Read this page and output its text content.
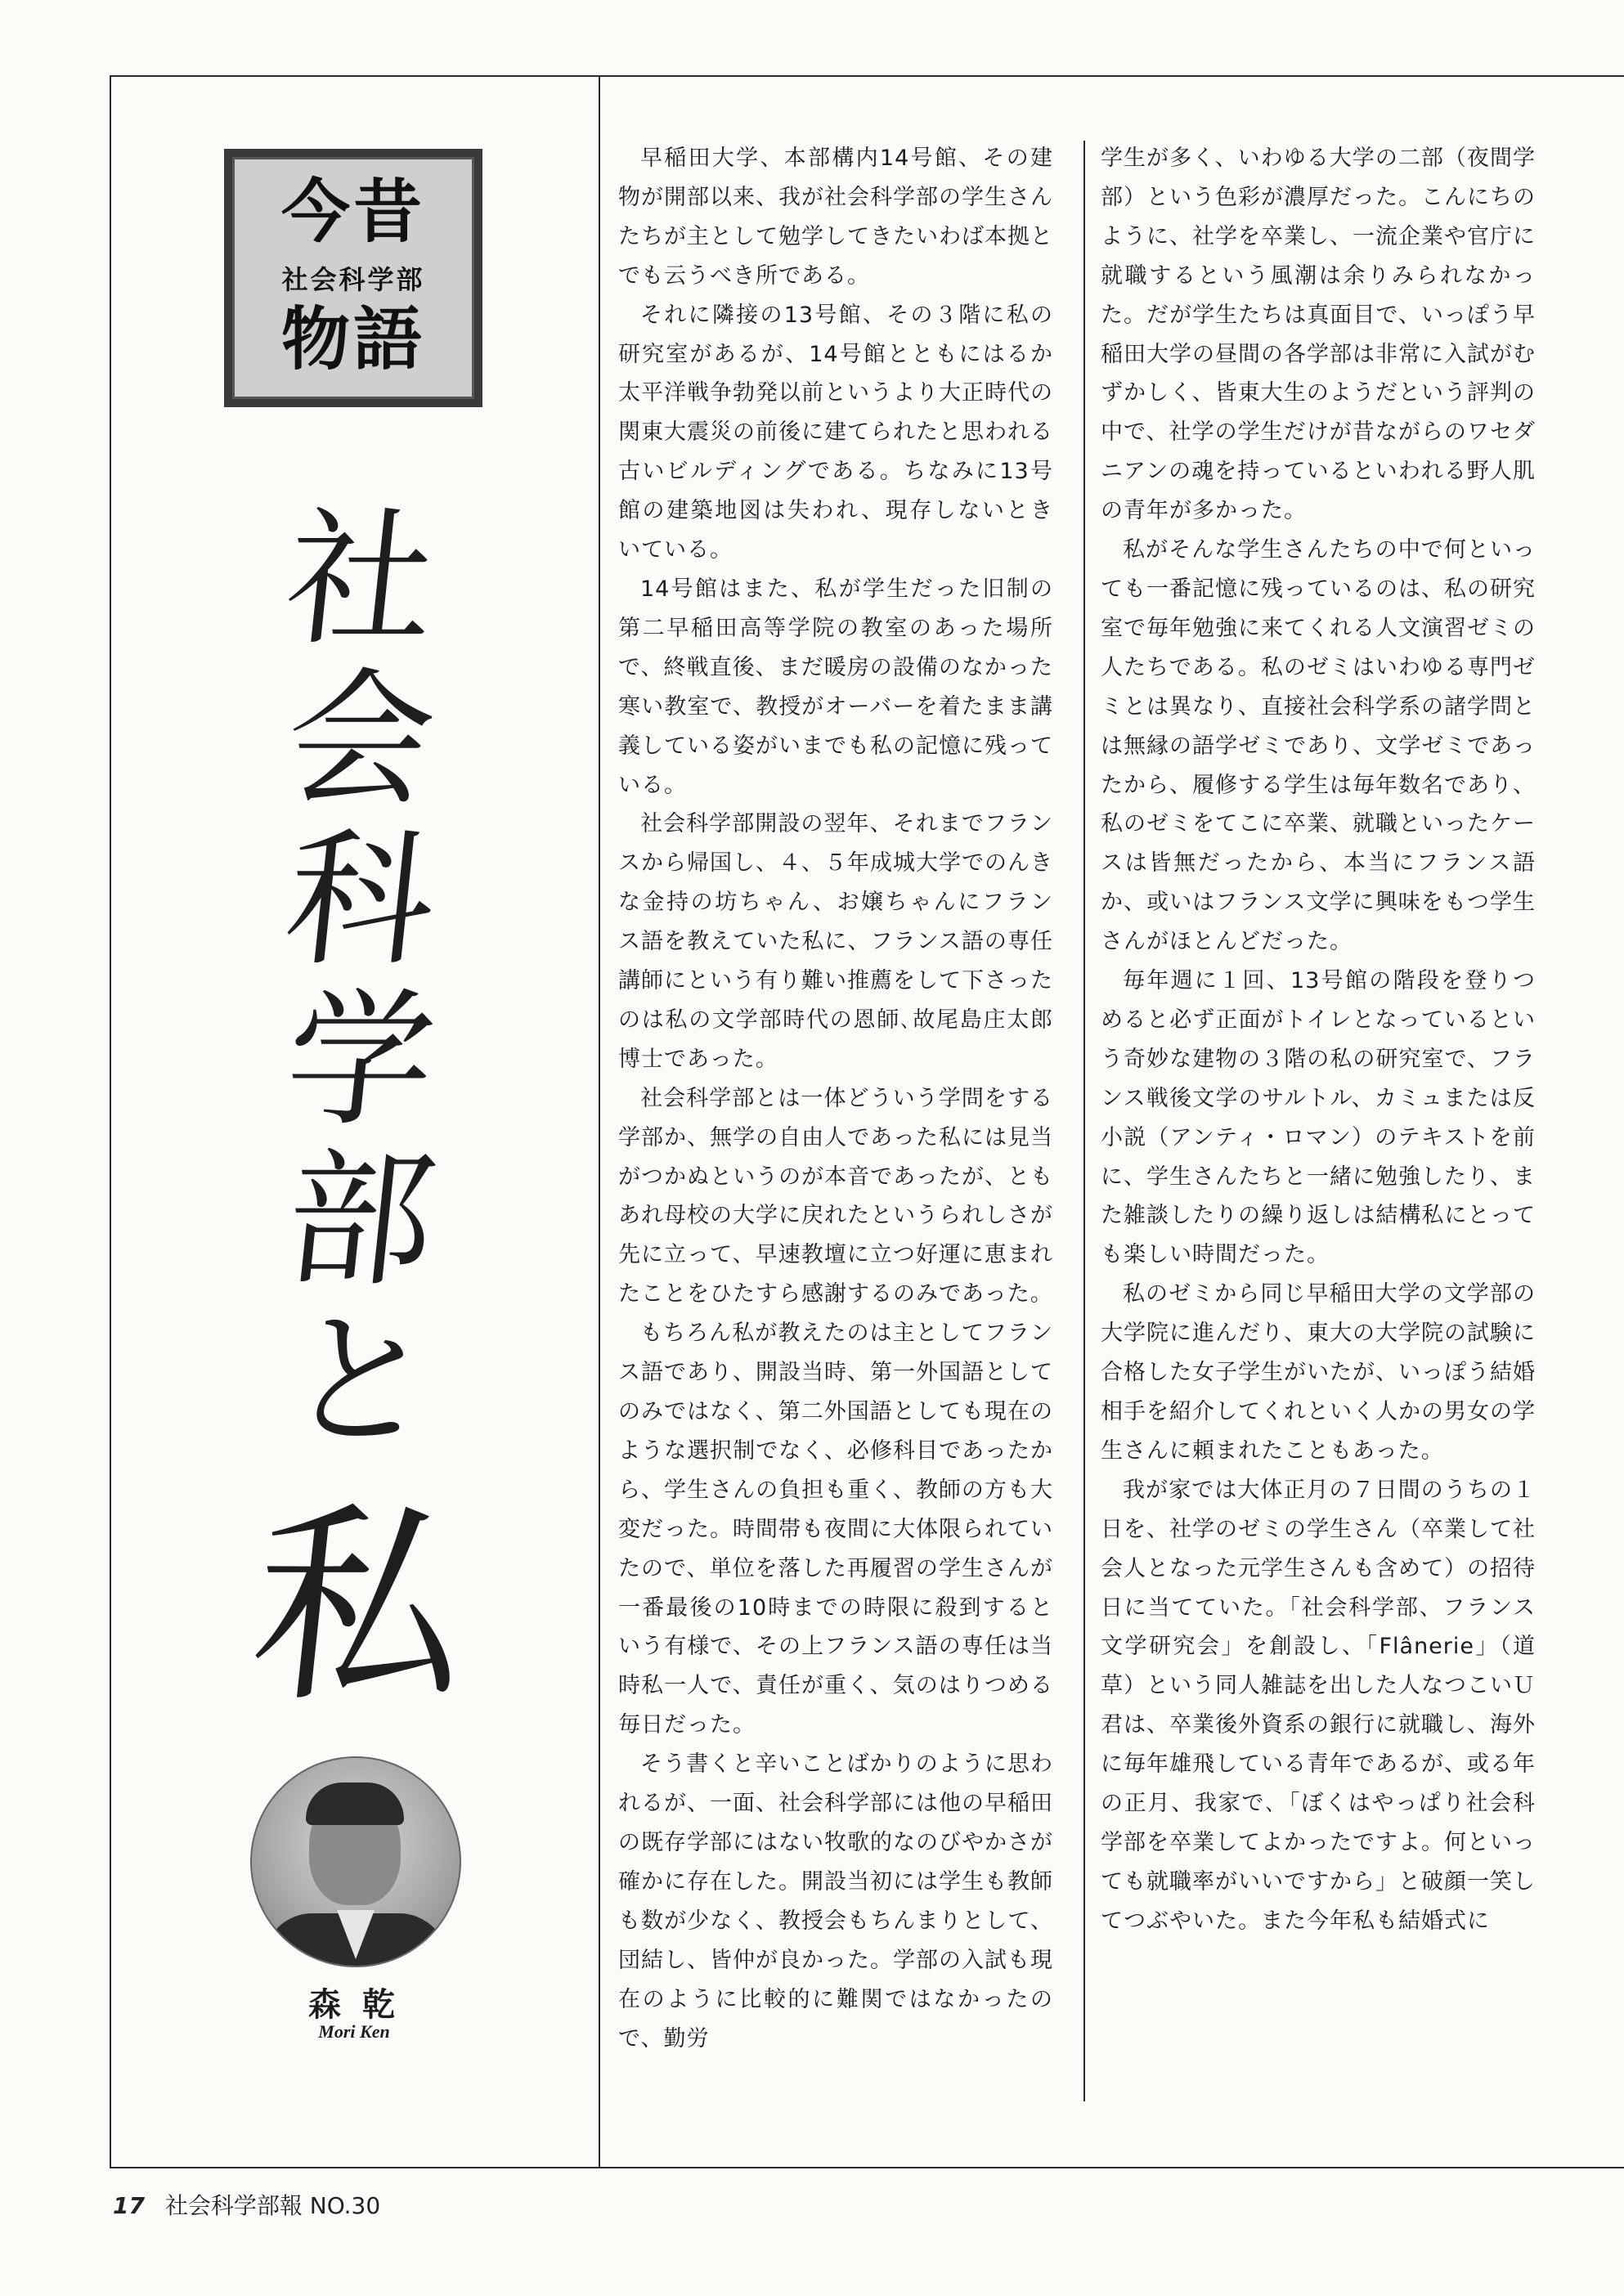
今昔
社会科学部
物語
社
会
科
学
部
と
私
森 乾
Mori Ken

早稲田大学、本部構内14号館、その建物が開部以来、我が社会科学部の学生さんたちが主として勉学してきたいわば本拠とでも云うべき所である。

それに隣接の13号館、その３階に私の研究室があるが、14号館とともにはるか太平洋戦争勃発以前というより大正時代の関東大震災の前後に建てられたと思われる古いビルディングである。ちなみに13号館の建築地図は失われ、現存しないときいている。

14号館はまた、私が学生だった旧制の第二早稲田高等学院の教室のあった場所で、終戦直後、まだ暖房の設備のなかった寒い教室で、教授がオーバーを着たまま講義している姿がいまでも私の記憶に残っている。

社会科学部開設の翌年、それまでフランスから帰国し、４、５年成城大学でのんきな金持の坊ちゃん、お嬢ちゃんにフランス語を教えていた私に、フランス語の専任講師にという有り難い推薦をして下さったのは私の文学部時代の恩師､故尾島庄太郎博士であった。

社会科学部とは一体どういう学問をする学部か、無学の自由人であった私には見当がつかぬというのが本音であったが、ともあれ母校の大学に戻れたというられしさが先に立って、早速教壇に立つ好運に恵まれたことをひたすら感謝するのみであった。

もちろん私が教えたのは主としてフランス語であり、開設当時、第一外国語としてのみではなく、第二外国語としても現在のような選択制でなく、必修科目であったから、学生さんの負担も重く、教師の方も大変だった。時間帯も夜間に大体限られていたので、単位を落した再履習の学生さんが一番最後の10時までの時限に殺到するという有様で、その上フランス語の専任は当時私一人で、責任が重く、気のはりつめる毎日だった。

そう書くと辛いことばかりのように思われるが、一面、社会科学部には他の早稲田の既存学部にはない牧歌的なのびやかさが確かに存在した。開設当初には学生も教師も数が少なく、教授会もちんまりとして、団結し、皆仲が良かった。学部の入試も現在のように比較的に難関ではなかったので、勤労

学生が多く、いわゆる大学の二部（夜間学部）という色彩が濃厚だった。こんにちのように、社学を卒業し、一流企業や官庁に就職するという風潮は余りみられなかった。だが学生たちは真面目で、いっぽう早稲田大学の昼間の各学部は非常に入試がむずかしく、皆東大生のようだという評判の中で、社学の学生だけが昔ながらのワセダニアンの魂を持っているといわれる野人肌の青年が多かった。

私がそんな学生さんたちの中で何といっても一番記憶に残っているのは、私の研究室で毎年勉強に来てくれる人文演習ゼミの人たちである。私のゼミはいわゆる専門ゼミとは異なり、直接社会科学系の諸学問とは無縁の語学ゼミであり、文学ゼミであったから、履修する学生は毎年数名であり、私のゼミをてこに卒業、就職といったケースは皆無だったから、本当にフランス語か、或いはフランス文学に興味をもつ学生さんがほとんどだった。

毎年週に１回、13号館の階段を登りつめると必ず正面がトイレとなっているという奇妙な建物の３階の私の研究室で、フランス戦後文学のサルトル、カミュまたは反小説（アンティ・ロマン）のテキストを前に、学生さんたちと一緒に勉強したり、また雑談したりの繰り返しは結構私にとっても楽しい時間だった。

私のゼミから同じ早稲田大学の文学部の大学院に進んだり、東大の大学院の試験に合格した女子学生がいたが、いっぽう結婚相手を紹介してくれといく人かの男女の学生さんに頼まれたこともあった。

我が家では大体正月の７日間のうちの１日を、社学のゼミの学生さん（卒業して社会人となった元学生さんも含めて）の招待日に当てていた。「社会科学部、フランス文学研究会」を創設し、「Flânerie」（道草）という同人雑誌を出した人なつこいＵ君は、卒業後外資系の銀行に就職し、海外に毎年雄飛している青年であるが、或る年の正月、我家で､「ぼくはやっぱり社会科学部を卒業してよかったですよ。何といっても就職率がいいですから」と破顔一笑してつぶやいた。また今年私も結婚式に

17 社会科学部報 NO.30
